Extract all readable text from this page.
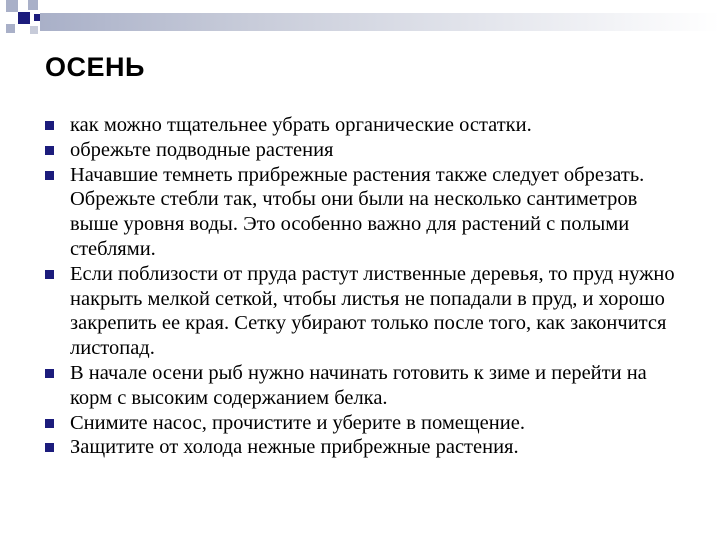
ОСЕНЬ
как можно тщательнее убрать органические остатки.
обрежьте подводные растения
Начавшие темнеть прибрежные растения также следует обрезать. Обрежьте стебли так, чтобы они были на несколько сантиметров выше уровня воды. Это особенно важно для растений с полыми стеблями.
Если поблизости от пруда растут лиственные деревья, то пруд нужно накрыть мелкой сеткой, чтобы листья не попадали в пруд, и хорошо закрепить ее края. Сетку убирают только после того, как закончится листопад.
В начале осени рыб нужно начинать готовить к зиме и перейти на корм с высоким содержанием белка.
Снимите насос, прочистите и уберите в помещение.
Защитите от холода нежные прибрежные растения.
